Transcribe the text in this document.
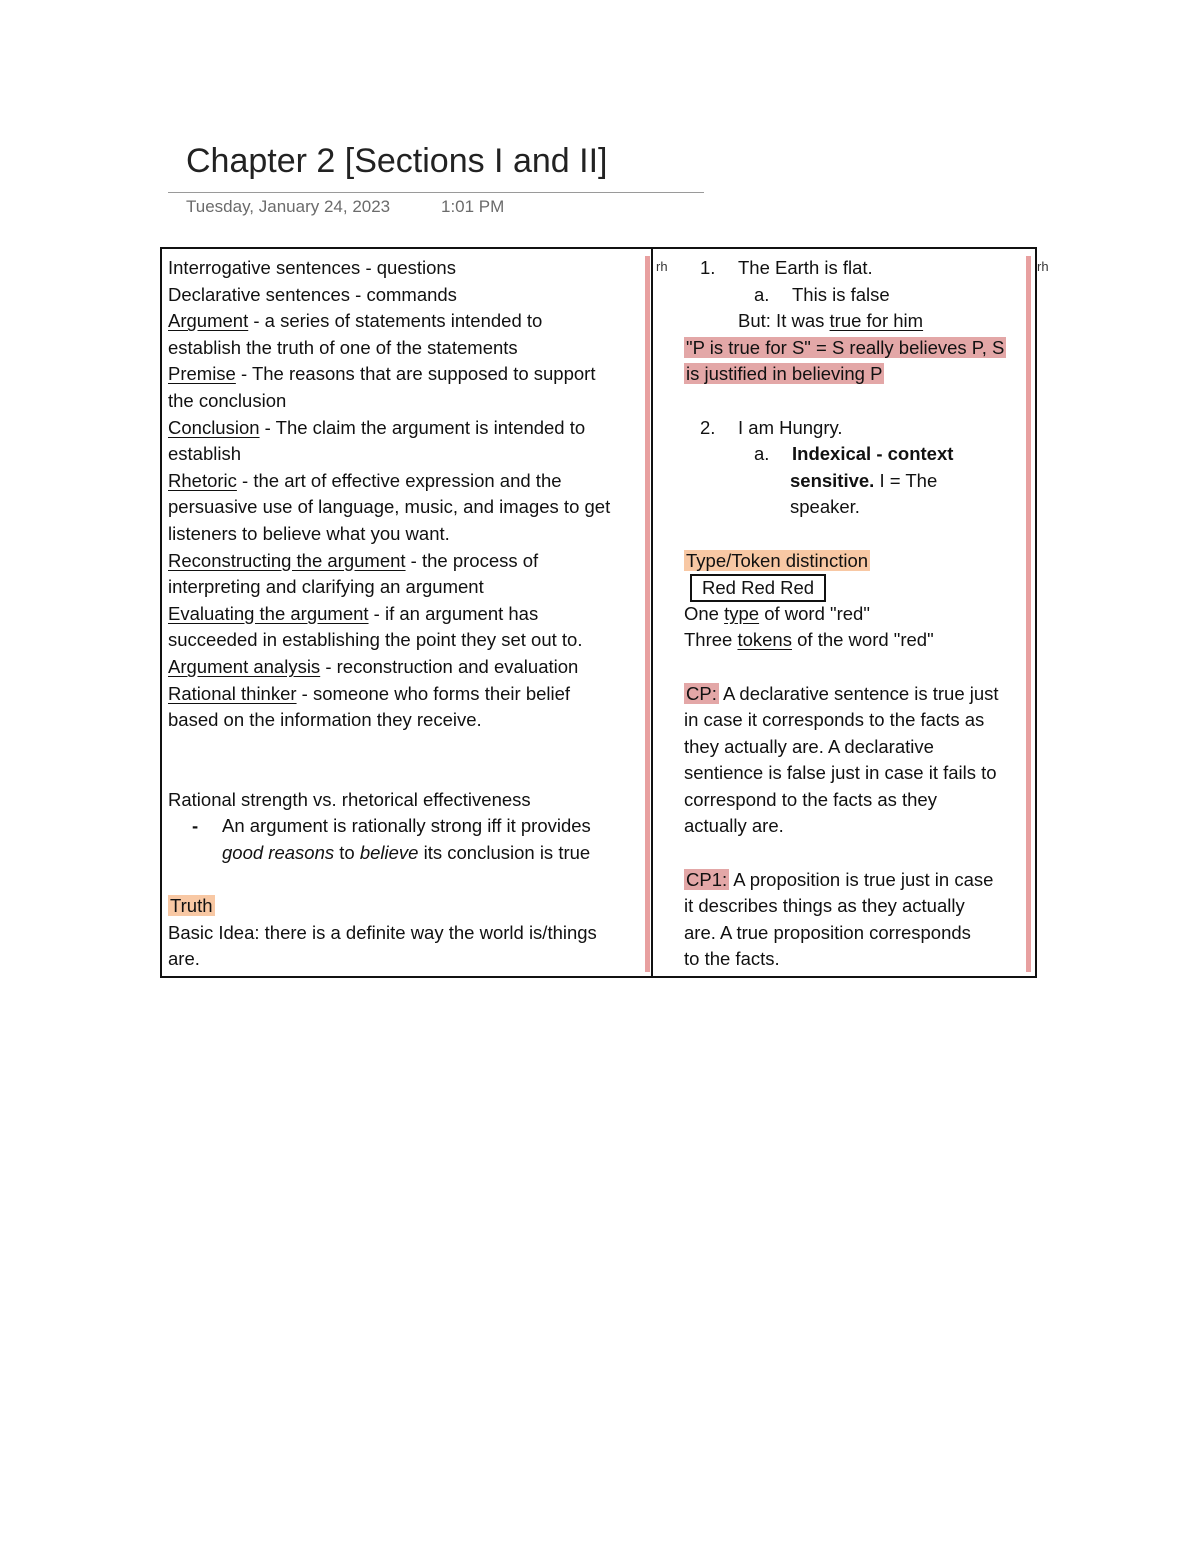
Chapter 2 [Sections I and II]
Tuesday, January 24, 2023	1:01 PM
rh	rh
Interrogative sentences - questions
Declarative sentences - commands
Argument - a series of statements intended to
establish the truth of one of the statements
Premise - The reasons that are supposed to support
the conclusion
Conclusion - The claim the argument is intended to
establish
Rhetoric - the art of effective expression and the
persuasive use of language, music, and images to get
listeners to believe what you want.
Reconstructing the argument - the process of
interpreting and clarifying an argument
Evaluating the argument - if an argument has
succeeded in establishing the point they set out to.
Argument analysis - reconstruction and evaluation
Rational thinker - someone who forms their belief
based on the information they receive.
Rational strength vs. rhetorical effectiveness
- An argument is rationally strong iff it provides
good reasons to believe its conclusion is true
Truth
Basic Idea: there is a definite way the world is/things
are.
1. The Earth is flat.
a. This is false
But: It was true for him
"P is true for S" = S really believes P, S
is justified in believing P
2. I am Hungry.
a. Indexical - context
sensitive. I = The
speaker.
Type/Token distinction
Red Red Red
One type of word "red"
Three tokens of the word "red"
CP: A declarative sentence is true just
in case it corresponds to the facts as
they actually are. A declarative
sentience is false just in case it fails to
correspond to the facts as they
actually are.
CP1: A proposition is true just in case
it describes things as they actually
are. A true proposition corresponds
to the facts.
